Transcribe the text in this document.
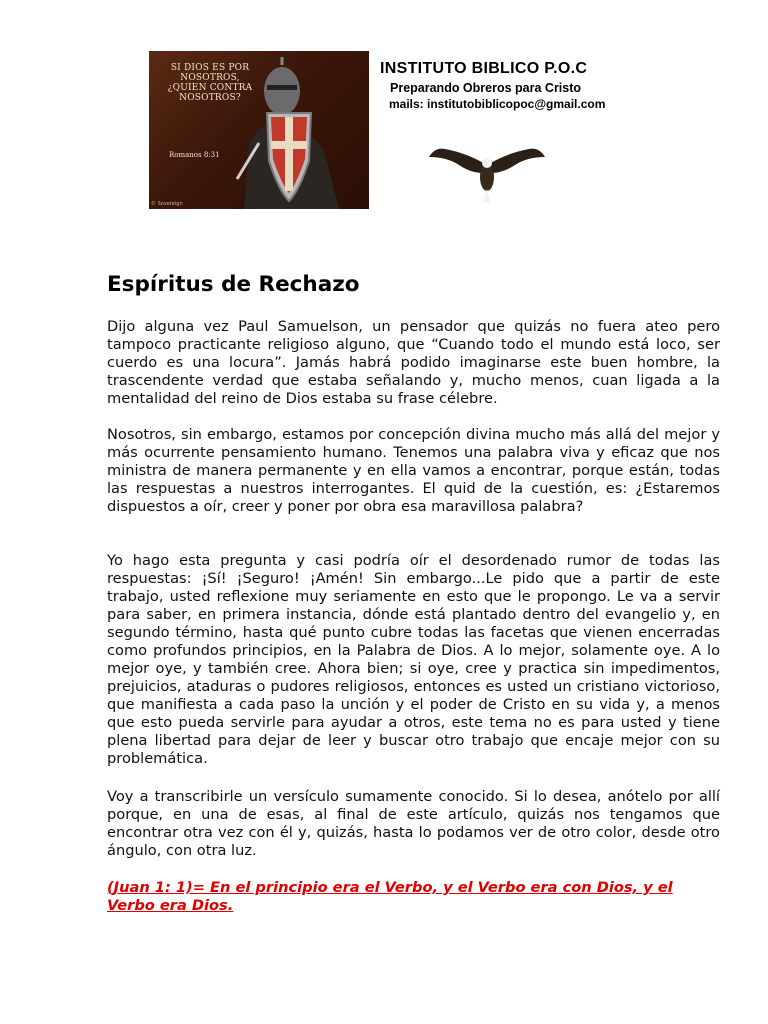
SI DIOS ES POR NOSOTROS, ¿QUIEN CONTRA NOSOTROS?
Romanos 8:31
© Sovereign
INSTITUTO BIBLICO P.O.C
Preparando Obreros para Cristo
mails: institutobiblicopoc@gmail.com
Espíritus de Rechazo

Dijo alguna vez Paul Samuelson, un pensador que quizás no fuera ateo pero tampoco practicante religioso alguno, que “Cuando todo el mundo está loco, ser cuerdo es una locura”. Jamás habrá podido imaginarse este buen hombre, la trascendente verdad que estaba señalando y, mucho menos, cuan ligada a la mentalidad del reino de Dios estaba su frase célebre.

Nosotros, sin embargo, estamos por concepción divina mucho más allá del mejor y más ocurrente pensamiento humano. Tenemos una palabra viva y eficaz que nos ministra de manera permanente y en ella vamos a encontrar, porque están, todas las respuestas a nuestros interrogantes. El quid de la cuestión, es: ¿Estaremos dispuestos a oír, creer y poner por obra esa maravillosa palabra?

Yo hago esta pregunta y casi podría oír el desordenado rumor de todas las respuestas: ¡Sí! ¡Seguro! ¡Amén! Sin embargo...Le pido que a partir de este trabajo, usted reflexione muy seriamente en esto que le propongo. Le va a servir para saber, en primera instancia, dónde está plantado dentro del evangelio y, en segundo término, hasta qué punto cubre todas las facetas que vienen encerradas como profundos principios, en la Palabra de Dios. A lo mejor, solamente oye. A lo mejor oye, y también cree. Ahora bien; si oye, cree y practica sin impedimentos, prejuicios, ataduras o pudores religiosos, entonces es usted un cristiano victorioso, que manifiesta a cada paso la unción y el poder de Cristo en su vida y, a menos que esto pueda servirle para ayudar a otros, este tema no es para usted y tiene plena libertad para dejar de leer y buscar otro trabajo que encaje mejor con su problemática.

Voy a transcribirle un versículo sumamente conocido. Si lo desea, anótelo por allí porque, en una de esas, al final de este artículo, quizás nos tengamos que encontrar otra vez con él y, quizás, hasta lo podamos ver de otro color, desde otro ángulo, con otra luz.

(Juan 1: 1)= En el principio era el Verbo, y el Verbo era con Dios, y el Verbo era Dios.
